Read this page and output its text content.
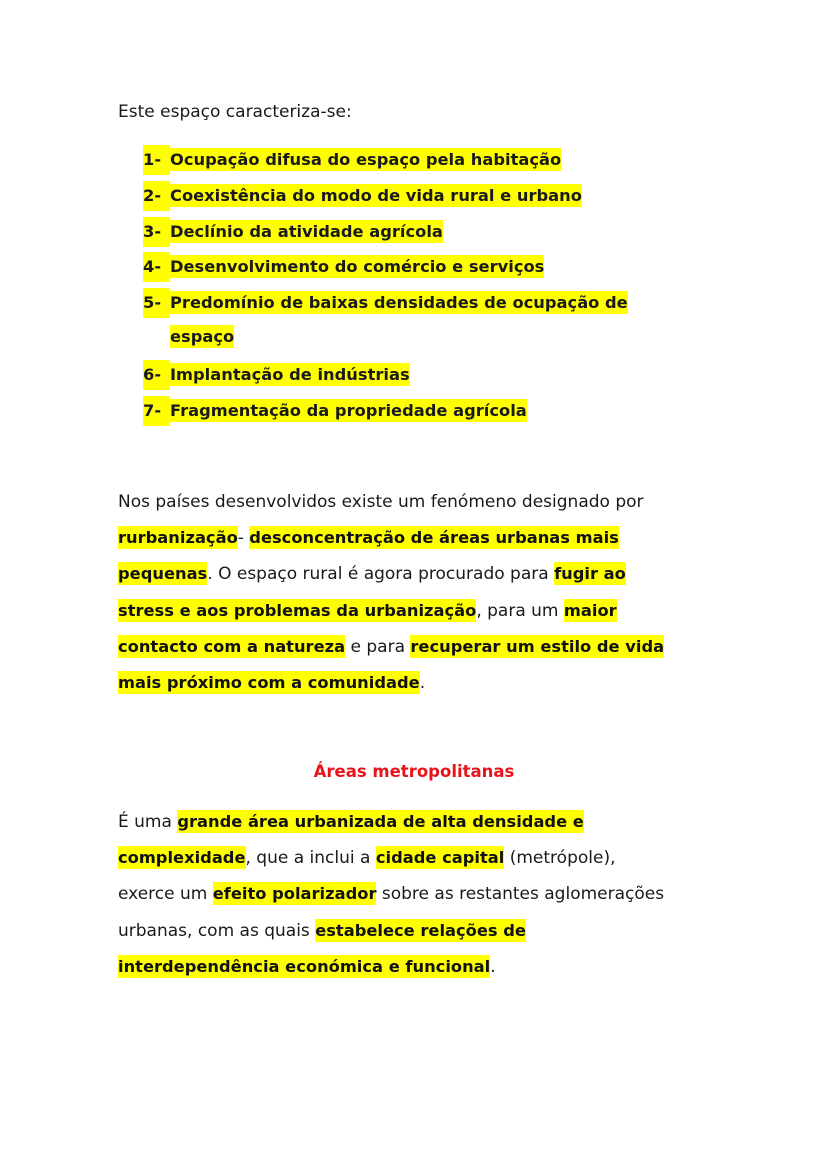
Este espaço caracteriza-se:
1- Ocupação difusa do espaço pela habitação
2- Coexistência do modo de vida rural e urbano
3- Declínio da atividade agrícola
4- Desenvolvimento do comércio e serviços
5- Predomínio de baixas densidades de ocupação de
espaço
6- Implantação de indústrias
7- Fragmentação da propriedade agrícola
Nos países desenvolvidos existe um fenómeno designado por
rurbanização- desconcentração de áreas urbanas mais
pequenas. O espaço rural é agora procurado para fugir ao
stress e aos problemas da urbanização, para um maior
contacto com a natureza e para recuperar um estilo de vida
mais próximo com a comunidade.
Áreas metropolitanas
É uma grande área urbanizada de alta densidade e
complexidade, que a inclui a cidade capital (metrópole),
exerce um efeito polarizador sobre as restantes aglomerações
urbanas, com as quais estabelece relações de
interdependência económica e funcional.
